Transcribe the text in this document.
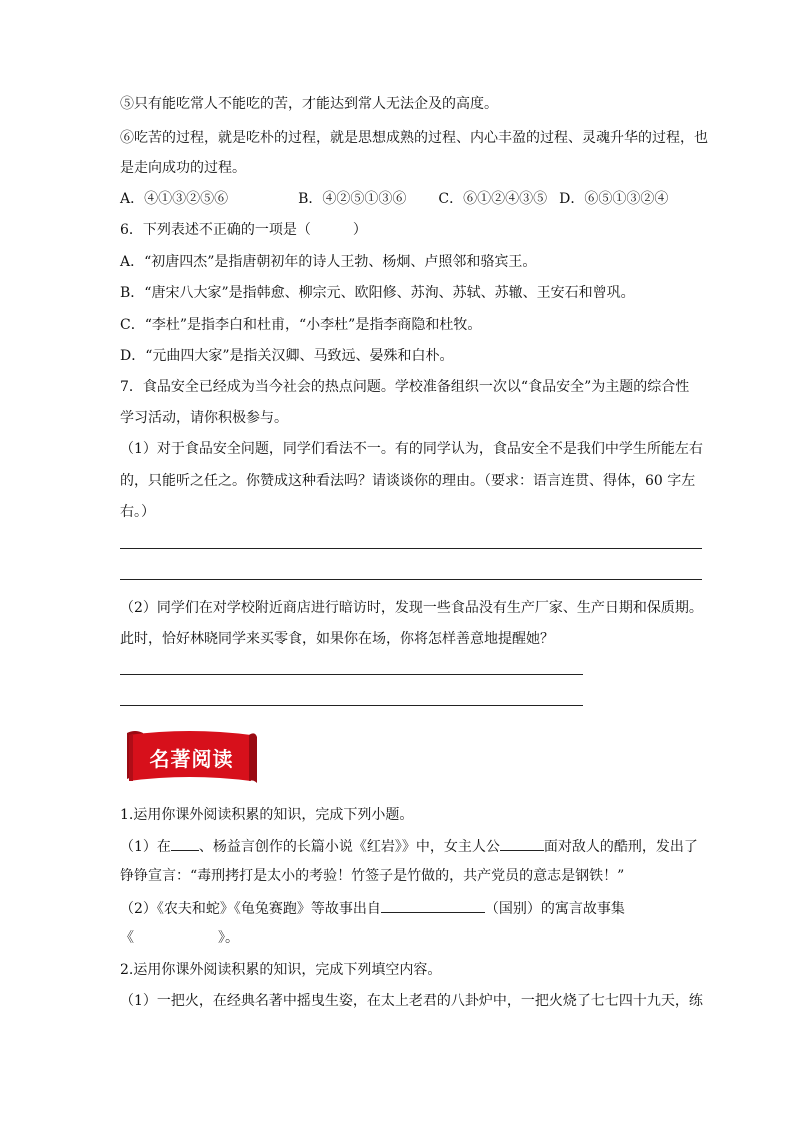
⑤只有能吃常人不能吃的苦，才能达到常人无法企及的高度。
⑥吃苦的过程，就是吃朴的过程，就是思想成熟的过程、内心丰盈的过程、灵魂升华的过程，也
是走向成功的过程。
A．④①③②⑤⑥	B．④②⑤①③⑥ C．⑥①②④③⑤ D．⑥⑤①③②④
6．下列表述不正确的一项是（　　　）
A．“初唐四杰”是指唐朝初年的诗人王勃、杨炯、卢照邻和骆宾王。
B．“唐宋八大家”是指韩愈、柳宗元、欧阳修、苏洵、苏轼、苏辙、王安石和曾巩。
C．“李杜”是指李白和杜甫，“小李杜”是指李商隐和杜牧。
D．“元曲四大家”是指关汉卿、马致远、晏殊和白朴。
7．食品安全已经成为当今社会的热点问题。学校准备组织一次以“食品安全”为主题的综合性
学习活动，请你积极参与。
（1）对于食品安全问题，同学们看法不一。有的同学认为，食品安全不是我们中学生所能左右
的，只能听之任之。你赞成这种看法吗？请谈谈你的理由。（要求：语言连贯、得体，60 字左
右。）
（2）同学们在对学校附近商店进行暗访时，发现一些食品没有生产厂家、生产日期和保质期。
此时，恰好林晓同学来买零食，如果你在场，你将怎样善意地提醒她？
名著阅读
1.运用你课外阅读积累的知识，完成下列小题。
（1）在 、杨益言创作的长篇小说《红岩》》中，女主人公	面对敌人的酷刑，发出了
铮铮宣言：“毒刑拷打是太小的考验！竹签子是竹做的，共产党员的意志是钢铁！”
（2）《农夫和蛇》《龟兔赛跑》等故事出自	（国别）的寓言故事集
《	》。
2.运用你课外阅读积累的知识，完成下列填空内容。
（1）一把火，在经典名著中摇曳生姿，在太上老君的八卦炉中，一把火烧了七七四十九天，练
